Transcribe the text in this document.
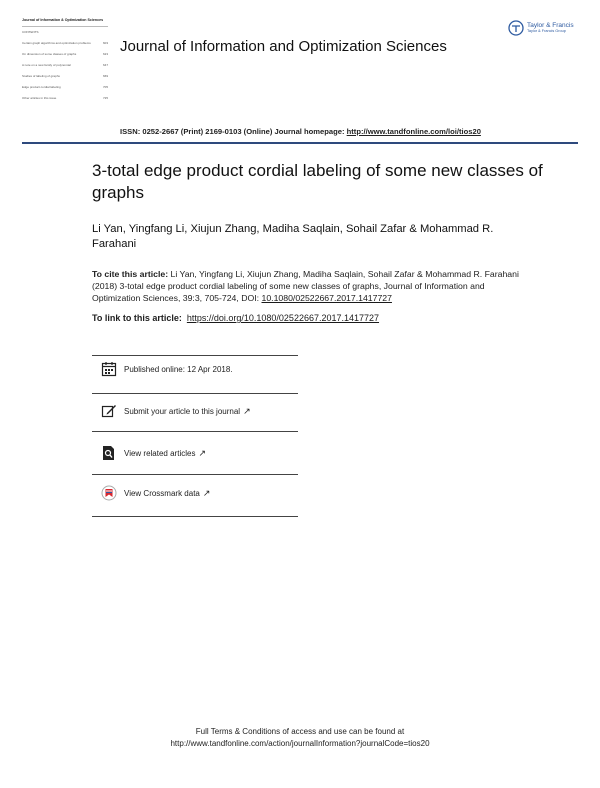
Journal of Information & Optimization Sciences
CONTENTS
Certain graph algorithms and optimization problems	603
On dimension of some classes of graphs	623
A note on a new family of polynomial	647
Studies of labeling of graphs	669
Edge product cordial labeling	705
Other articles in this issue	725
Journal of Information and Optimization Sciences
Taylor & Francis
Taylor & Francis Group
ISSN: 0252-2667 (Print) 2169-0103 (Online) Journal homepage: http://www.tandfonline.com/loi/tios20
3-total edge product cordial labeling of some new classes of graphs
Li Yan, Yingfang Li, Xiujun Zhang, Madiha Saqlain, Sohail Zafar & Mohammad R. Farahani
To cite this article: Li Yan, Yingfang Li, Xiujun Zhang, Madiha Saqlain, Sohail Zafar & Mohammad R. Farahani (2018) 3-total edge product cordial labeling of some new classes of graphs, Journal of Information and Optimization Sciences, 39:3, 705-724, DOI: 10.1080/02522667.2017.1417727
To link to this article:  https://doi.org/10.1080/02522667.2017.1417727
Published online: 12 Apr 2018.
Submit your article to this journal ↗
View related articles ↗
View Crossmark data ↗
Full Terms & Conditions of access and use can be found at
http://www.tandfonline.com/action/journalInformation?journalCode=tios20
